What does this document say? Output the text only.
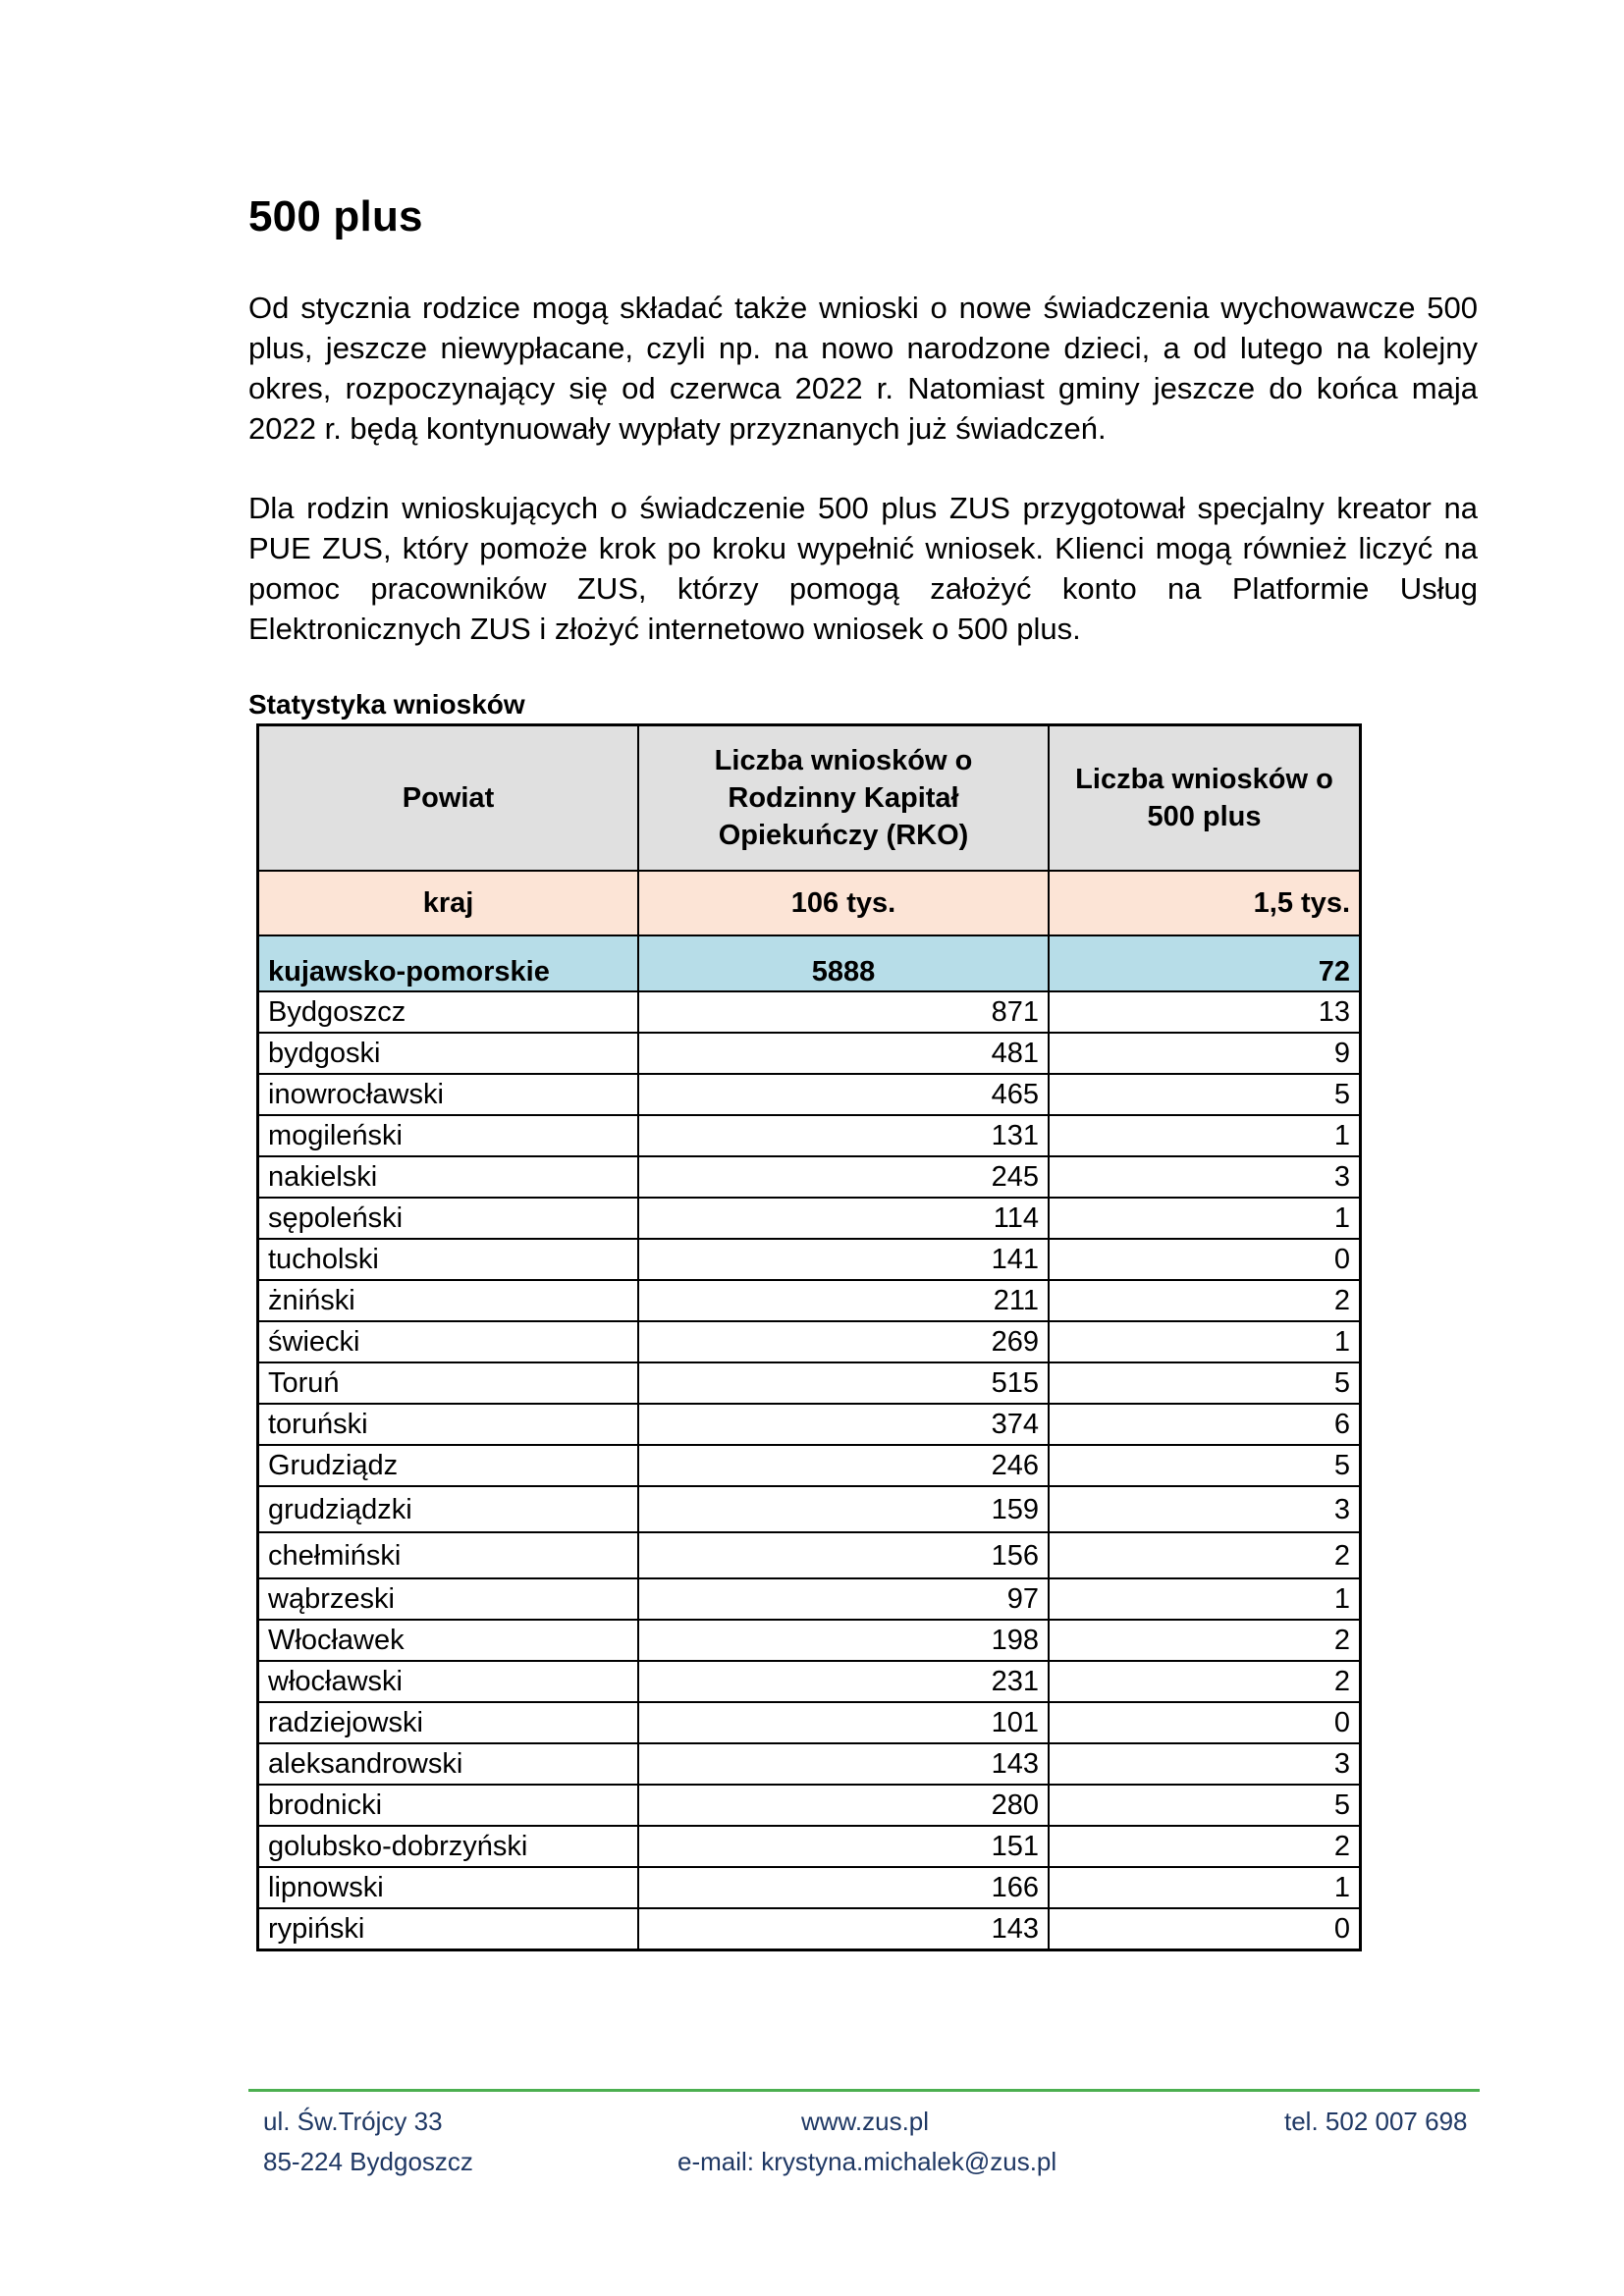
500 plus

Od stycznia rodzice mogą składać także wnioski o nowe świadczenia wychowawcze 500 plus, jeszcze niewypłacane, czyli np. na nowo narodzone dzieci, a od lutego na kolejny okres, rozpoczynający się od czerwca 2022 r. Natomiast gminy jeszcze do końca maja 2022 r. będą kontynuowały wypłaty przyznanych już świadczeń.

Dla rodzin wnioskujących o świadczenie 500 plus ZUS przygotował specjalny kreator na PUE ZUS, który pomoże krok po kroku wypełnić wniosek. Klienci mogą również liczyć na pomoc pracowników ZUS, którzy pomogą założyć konto na Platformie Usług Elektronicznych ZUS i złożyć internetowo wniosek o 500 plus.

Statystyka wniosków

Powiat	Liczba wniosków o Rodzinny Kapitał Opiekuńczy (RKO)	Liczba wniosków o 500 plus
kraj	106 tys.	1,5 tys.
kujawsko-pomorskie	5888	72
Bydgoszcz	871	13
bydgoski	481	9
inowrocławski	465	5
mogileński	131	1
nakielski	245	3
sępoleński	114	1
tucholski	141	0
żniński	211	2
świecki	269	1
Toruń	515	5
toruński	374	6
Grudziądz	246	5
grudziądzki	159	3
chełmiński	156	2
wąbrzeski	97	1
Włocławek	198	2
włocławski	231	2
radziejowski	101	0
aleksandrowski	143	3
brodnicki	280	5
golubsko-dobrzyński	151	2
lipnowski	166	1
rypiński	143	0

ul. Św.Trójcy 33

85-224 Bydgoszcz

www.zus.pl

e-mail: krystyna.michalek@zus.pl

tel. 502 007 698
